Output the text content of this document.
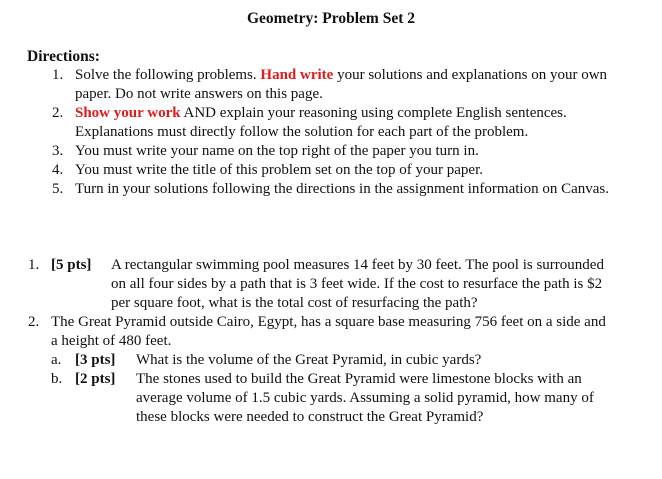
Geometry: Problem Set 2
Directions:
1. Solve the following problems. Hand write your solutions and explanations on your own paper. Do not write answers on this page.
2. Show your work AND explain your reasoning using complete English sentences. Explanations must directly follow the solution for each part of the problem.
3. You must write your name on the top right of the paper you turn in.
4. You must write the title of this problem set on the top of your paper.
5. Turn in your solutions following the directions in the assignment information on Canvas.
1. [5 pts] A rectangular swimming pool measures 14 feet by 30 feet. The pool is surrounded on all four sides by a path that is 3 feet wide. If the cost to resurface the path is $2 per square foot, what is the total cost of resurfacing the path?
2. The Great Pyramid outside Cairo, Egypt, has a square base measuring 756 feet on a side and a height of 480 feet.
a. [3 pts] What is the volume of the Great Pyramid, in cubic yards?
b. [2 pts] The stones used to build the Great Pyramid were limestone blocks with an average volume of 1.5 cubic yards. Assuming a solid pyramid, how many of these blocks were needed to construct the Great Pyramid?
